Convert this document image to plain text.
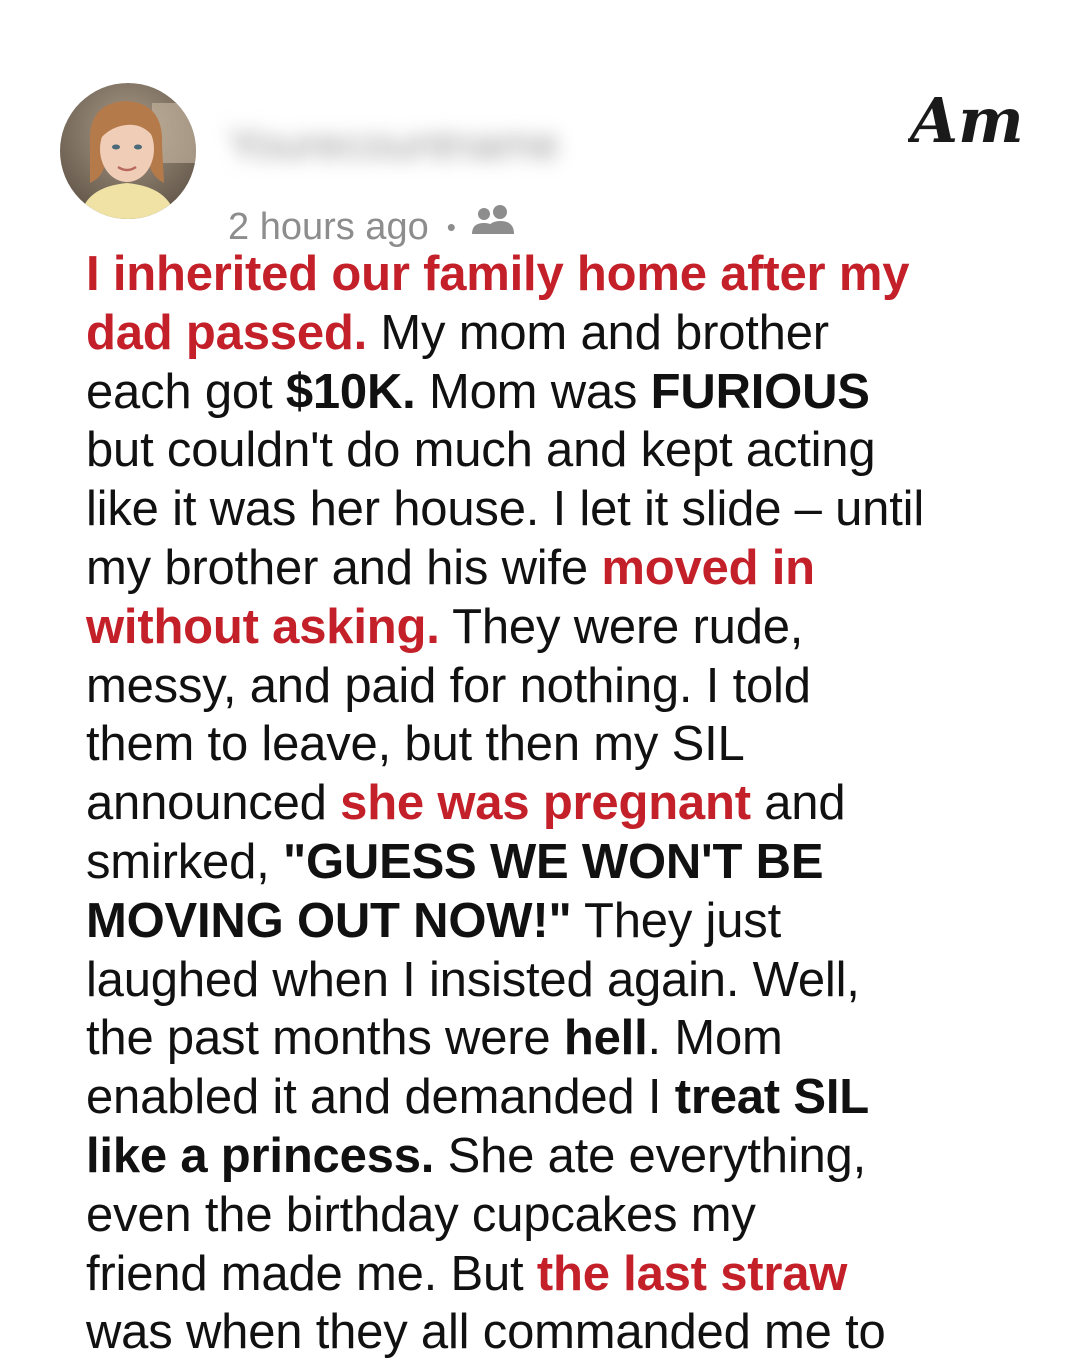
Yourecountname
2 hours ago •
Am
I inherited our family home after my
dad passed. My mom and brother
each got $10K. Mom was FURIOUS
but couldn't do much and kept acting
like it was her house. I let it slide – until
my brother and his wife moved in
without asking. They were rude,
messy, and paid for nothing. I told
them to leave, but then my SIL
announced she was pregnant and
smirked, "GUESS WE WON'T BE
MOVING OUT NOW!" They just
laughed when I insisted again. Well,
the past months were hell. Mom
enabled it and demanded I treat SIL
like a princess. She ate everything,
even the birthday cupcakes my
friend made me. But the last straw
was when they all commanded me to
